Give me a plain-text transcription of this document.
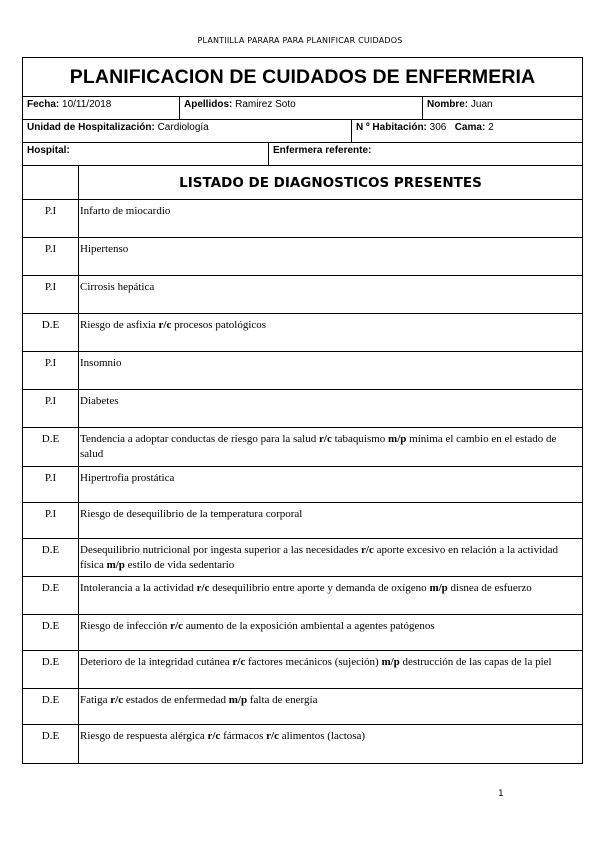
PLANTIILLA PARARA PARA PLANIFICAR CUIDADOS
PLANIFICACION DE CUIDADOS DE ENFERMERIA
Fecha: 10/11/2018	Apellidos: Ramirez Soto	Nombre: Juan
Unidad de Hospitalización: Cardiología	N º Habitación: 306 Cama: 2
Hospital:	Enfermera referente:
LISTADO DE DIAGNOSTICOS PRESENTES
P.I	Infarto de miocardio
P.I	Hipertenso
P.I	Cirrosis hepática
D.E	Riesgo de asfixia r/c procesos patológicos
P.I	Insomnio
P.I	Diabetes
D.E	Tendencia a adoptar conductas de riesgo para la salud r/c tabaquismo m/p mínima el cambio en el estado de salud
P.I	Hipertrofia prostática
P.I	Riesgo de desequilibrio de la temperatura corporal
D.E	Desequilibrio nutricional por ingesta superior a las necesidades r/c aporte excesivo en relación a la actividad física m/p estilo de vida sedentario
D.E	Intolerancia a la actividad r/c desequilibrio entre aporte y demanda de oxígeno m/p disnea de esfuerzo
D.E	Riesgo de infección r/c aumento de la exposición ambiental a agentes patógenos
D.E	Deterioro de la integridad cutánea r/c factores mecánicos (sujeción) m/p destrucción de las capas de la piel
D.E	Fatiga r/c estados de enfermedad m/p falta de energía
D.E	Riesgo de respuesta alérgica r/c fármacos r/c alimentos (lactosa)
1
